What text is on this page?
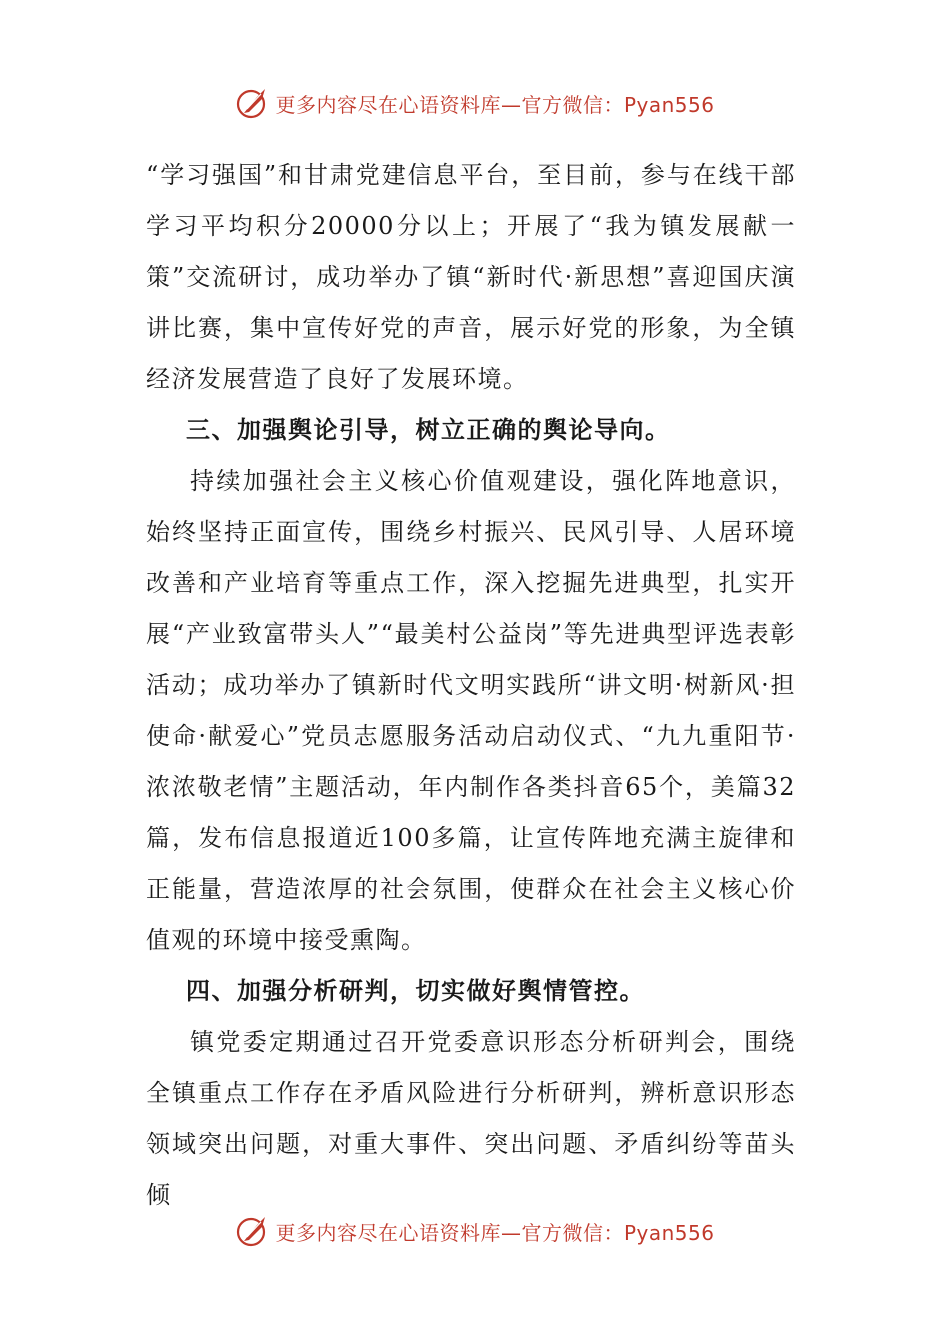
更多内容尽在心语资料库—官方微信：Pyan556

“学习强国”和甘肃党建信息平台，至目前，参与在线干部学习平均积分20000分以上；开展了“我为镇发展献一策”交流研讨，成功举办了镇“新时代·新思想”喜迎国庆演讲比赛，集中宣传好党的声音，展示好党的形象，为全镇经济发展营造了良好了发展环境。

三、加强舆论引导，树立正确的舆论导向。

持续加强社会主义核心价值观建设，强化阵地意识，始终坚持正面宣传，围绕乡村振兴、民风引导、人居环境改善和产业培育等重点工作，深入挖掘先进典型，扎实开展“产业致富带头人”“最美村公益岗”等先进典型评选表彰活动；成功举办了镇新时代文明实践所“讲文明·树新风·担使命·献爱心”党员志愿服务活动启动仪式、“九九重阳节·浓浓敬老情”主题活动，年内制作各类抖音65个，美篇32篇，发布信息报道近100多篇，让宣传阵地充满主旋律和正能量，营造浓厚的社会氛围，使群众在社会主义核心价值观的环境中接受熏陶。

四、加强分析研判，切实做好舆情管控。

镇党委定期通过召开党委意识形态分析研判会，围绕全镇重点工作存在矛盾风险进行分析研判，辨析意识形态领域突出问题，对重大事件、突出问题、矛盾纠纷等苗头倾

更多内容尽在心语资料库—官方微信：Pyan556
